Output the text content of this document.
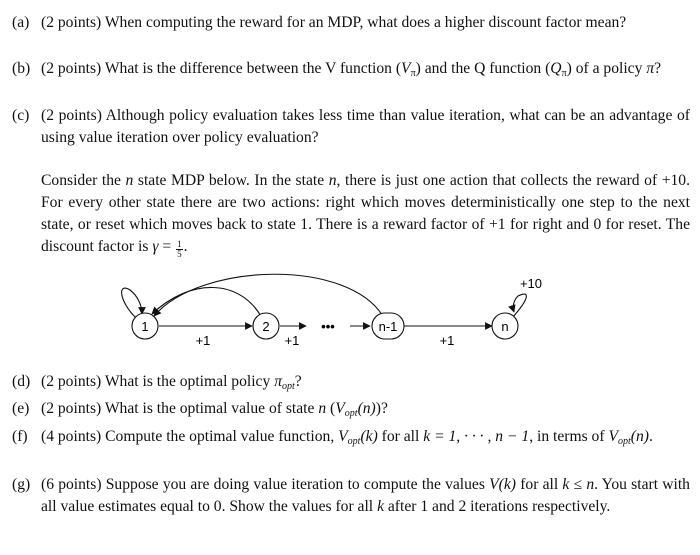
(a) (2 points) When computing the reward for an MDP, what does a higher discount factor mean?
(b) (2 points) What is the difference between the V function $(V_\pi)$ and the Q function $(Q_\pi)$ of a policy π?
(c) (2 points) Although policy evaluation takes less time than value iteration, what can be an advantage of using value iteration over policy evaluation?
Consider the n state MDP below. In the state n, there is just one action that collects the reward of +10. For every other state there are two actions: right which moves deterministically one step to the next state, or reset which moves back to state 1. There is a reward factor of +1 for right and 0 for reset. The discount factor is $\gamma = \frac{1}{5}$ .
1	2	n-1	n
•••
+1	+1	+1
+10
(d) (2 points) What is the optimal policy $\pi_{opt}$?
(e) (2 points) What is the optimal value of state n $(V_{opt}(n))$?
(f) (4 points) Compute the optimal value function, $V_{opt}(k)$ for all k = 1, · · · , n − 1, in terms of $V_{opt}(n)$.
(g) (6 points) Suppose you are doing value iteration to compute the values V(k) for all k ≤ n. You start with all value estimates equal to 0. Show the values for all k after 1 and 2 iterations respectively.
